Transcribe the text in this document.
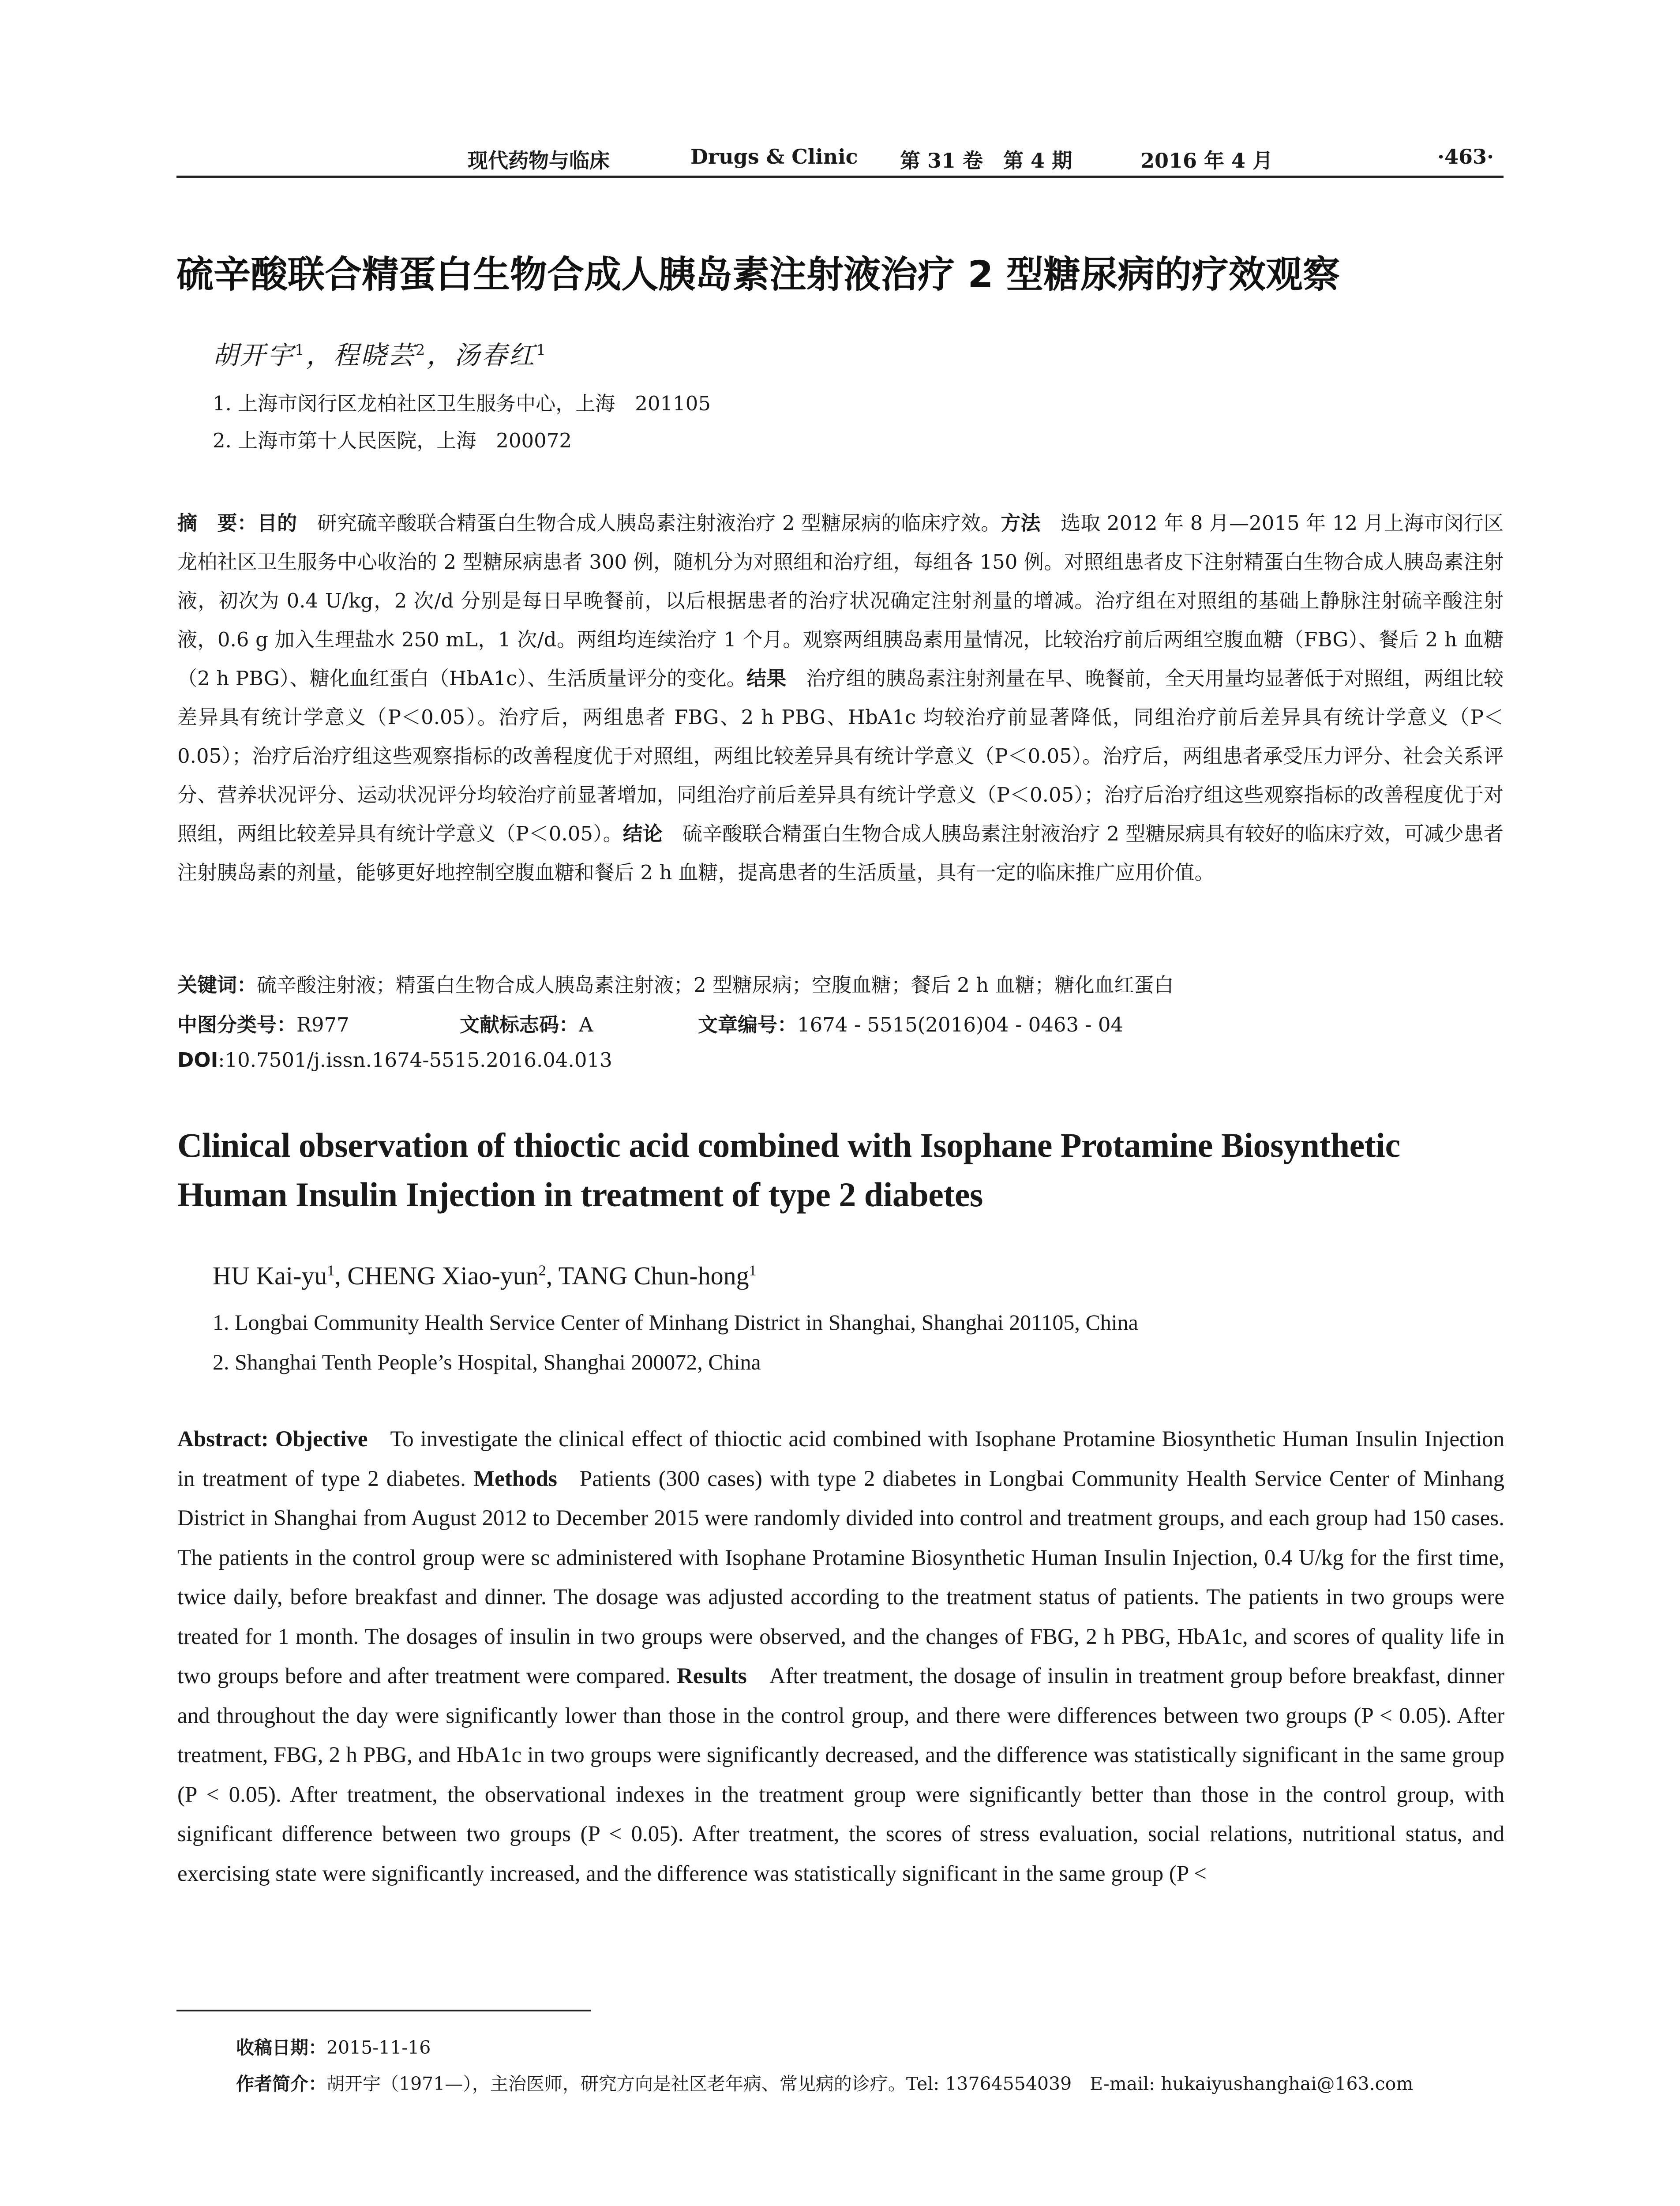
现代药物与临床	Drugs & Clinic 第 31 卷　第 4 期	2016 年 4 月	·463·
硫辛酸联合精蛋白生物合成人胰岛素注射液治疗 2 型糖尿病的疗效观察
胡开宇$^1$，程晓芸$^2$，汤春红$^1$
1. 上海市闵行区龙柏社区卫生服务中心，上海　201105
2. 上海市第十人民医院，上海　200072
摘　要：目的　研究硫辛酸联合精蛋白生物合成人胰岛素注射液治疗 2 型糖尿病的临床疗效。方法　选取 2012 年 8 月—2015 年 12 月上海市闵行区龙柏社区卫生服务中心收治的 2 型糖尿病患者 300 例，随机分为对照组和治疗组，每组各 150 例。对照组患者皮下注射精蛋白生物合成人胰岛素注射液，初次为 0.4 U/kg，2 次/d 分别是每日早晚餐前，以后根据患者的治疗状况确定注射剂量的增减。治疗组在对照组的基础上静脉注射硫辛酸注射液，0.6 g 加入生理盐水 250 mL，1 次/d。两组均连续治疗 1 个月。观察两组胰岛素用量情况，比较治疗前后两组空腹血糖（FBG）、餐后 2 h 血糖（2 h PBG）、糖化血红蛋白（HbA1c）、生活质量评分的变化。结果　治疗组的胰岛素注射剂量在早、晚餐前，全天用量均显著低于对照组，两组比较差异具有统计学意义（P＜0.05）。治疗后，两组患者 FBG、2 h PBG、HbA1c 均较治疗前显著降低，同组治疗前后差异具有统计学意义（P＜0.05）；治疗后治疗组这些观察指标的改善程度优于对照组，两组比较差异具有统计学意义（P＜0.05）。治疗后，两组患者承受压力评分、社会关系评分、营养状况评分、运动状况评分均较治疗前显著增加，同组治疗前后差异具有统计学意义（P＜0.05）；治疗后治疗组这些观察指标的改善程度优于对照组，两组比较差异具有统计学意义（P＜0.05）。结论　硫辛酸联合精蛋白生物合成人胰岛素注射液治疗 2 型糖尿病具有较好的临床疗效，可减少患者注射胰岛素的剂量，能够更好地控制空腹血糖和餐后 2 h 血糖，提高患者的生活质量，具有一定的临床推广应用价值。
关键词：硫辛酸注射液；精蛋白生物合成人胰岛素注射液；2 型糖尿病；空腹血糖；餐后 2 h 血糖；糖化血红蛋白
中图分类号：R977	文献标志码：A	文章编号：1674 - 5515(2016)04 - 0463 - 04
DOI:10.7501/j.issn.1674-5515.2016.04.013
Clinical observation of thioctic acid combined with Isophane Protamine Biosynthetic Human Insulin Injection in treatment of type 2 diabetes
HU Kai-$yu^1$, CHENG Xiao-yun$^2$, TANG Chun-hong$^1$
1. Longbai Community Health Service Center of Minhang District in Shanghai, Shanghai 201105, China
2. Shanghai Tenth People’s Hospital, Shanghai 200072, China
Abstract: Objective   To investigate the clinical effect of thioctic acid combined with Isophane Protamine Biosynthetic Human Insulin Injection in treatment of type 2 diabetes. Methods   Patients (300 cases) with type 2 diabetes in Longbai Community Health Service Center of Minhang District in Shanghai from August 2012 to December 2015 were randomly divided into control and treatment groups, and each group had 150 cases. The patients in the control group were sc administered with Isophane Protamine Biosynthetic Human Insulin Injection, 0.4 U/kg for the first time, twice daily, before breakfast and dinner. The dosage was adjusted according to the treatment status of patients. The patients in two groups were treated for 1 month. The dosages of insulin in two groups were observed, and the changes of FBG, 2 h PBG, HbA1c, and scores of quality life in two groups before and after treatment were compared. Results   After treatment, the dosage of insulin in treatment group before breakfast, dinner and throughout the day were significantly lower than those in the control group, and there were differences between two groups (P < 0.05). After treatment, FBG, 2 h PBG, and HbA1c in two groups were significantly decreased, and the difference was statistically significant in the same group (P < 0.05). After treatment, the observational indexes in the treatment group were significantly better than those in the control group, with significant difference between two groups (P < 0.05). After treatment, the scores of stress evaluation, social relations, nutritional status, and exercising state were significantly increased, and the difference was statistically significant in the same group (P <
收稿日期：2015-11-16
作者简介：胡开宇（1971—），主治医师，研究方向是社区老年病、常见病的诊疗。Tel: 13764554039　E-mail: hukaiyushanghai@163.com
